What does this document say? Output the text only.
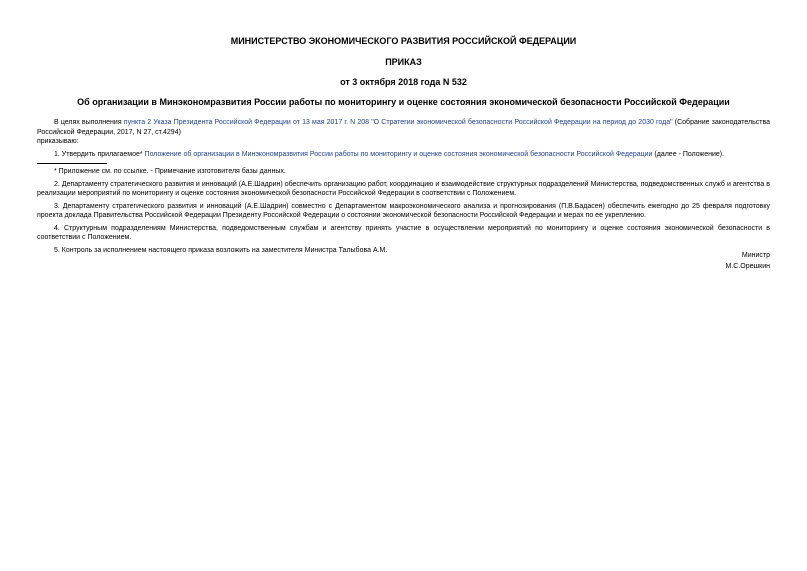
МИНИСТЕРСТВО ЭКОНОМИЧЕСКОГО РАЗВИТИЯ РОССИЙСКОЙ ФЕДЕРАЦИИ
ПРИКАЗ
от 3 октября 2018 года N 532
Об организации в Минэкономразвития России работы по мониторингу и оценке состояния экономической безопасности Российской Федерации

В целях выполнения пункта 2 Указа Президента Российской Федерации от 13 мая 2017 г. N 208 "О Стратегии экономической безопасности Российской Федерации на период до 2030 года" (Собрание законодательства Российской Федерации, 2017, N 27, ст.4294)

приказываю:

1. Утвердить прилагаемое* Положение об организации в Минэкономразвития России работы по мониторингу и оценке состояния экономической безопасности Российской Федерации (далее - Положение).

* Приложение см. по ссылке. - Примечание изготовителя базы данных.

2. Департаменту стратегического развития и инноваций (А.Е.Шадрин) обеспечить организацию работ, координацию и взаимодействие структурных подразделений Министерства, подведомственных служб и агентства в реализации мероприятий по мониторингу и оценке состояния экономической безопасности Российской Федерации в соответствии с Положением.

3. Департаменту стратегического развития и инноваций (А.Е.Шадрин) совместно с Департаментом макроэкономического анализа и прогнозирования (П.В.Бадасен) обеспечить ежегодно до 25 февраля подготовку проекта доклада Правительства Российской Федерации Президенту Российской Федерации о состоянии экономической безопасности Российской Федерации и мерах по ее укреплению.

4. Структурным подразделениям Министерства, подведомственным службам и агентству принять участие в осуществлении мероприятий по мониторингу и оценке состояния экономической безопасности в соответствии с Положением.

5. Контроль за исполнением настоящего приказа возложить на заместителя Министра Талыбова А.М.

Министр
М.С.Орешкин
